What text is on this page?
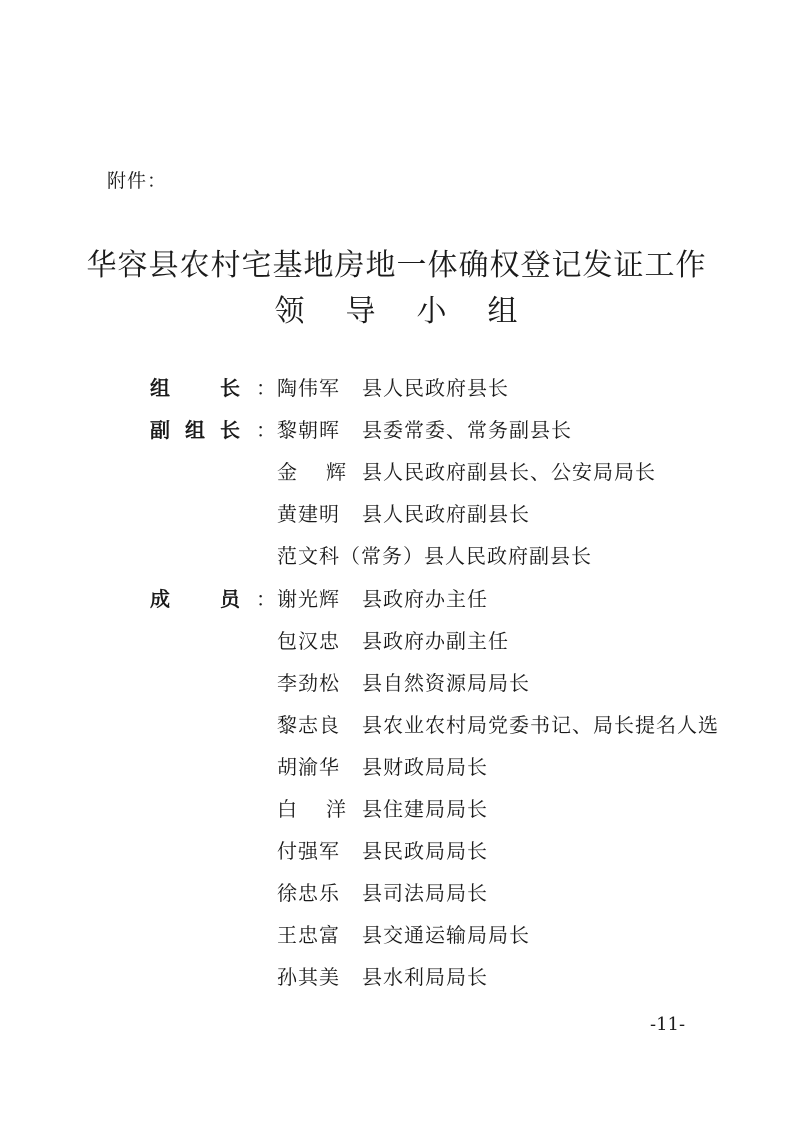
附件：
华容县农村宅基地房地一体确权登记发证工作
领 导 小 组
组	长 ： 陶伟军 县人民政府县长
副 组 长 ： 黎朝晖 县委常委、常务副县长
金辉
县人民政府副县长、公安局局长
黄建明 县人民政府副县长
范文科（常务）县人民政府副县长
成	员 ： 谢光辉 县政府办主任
包汉忠 县政府办副主任
李劲松 县自然资源局局长
黎志良 县农业农村局党委书记、局长提名人选
胡渝华 县财政局局长
白洋
县住建局局长
付强军 县民政局局长
徐忠乐 县司法局局长
王忠富 县交通运输局局长
孙其美 县水利局局长
-11-
